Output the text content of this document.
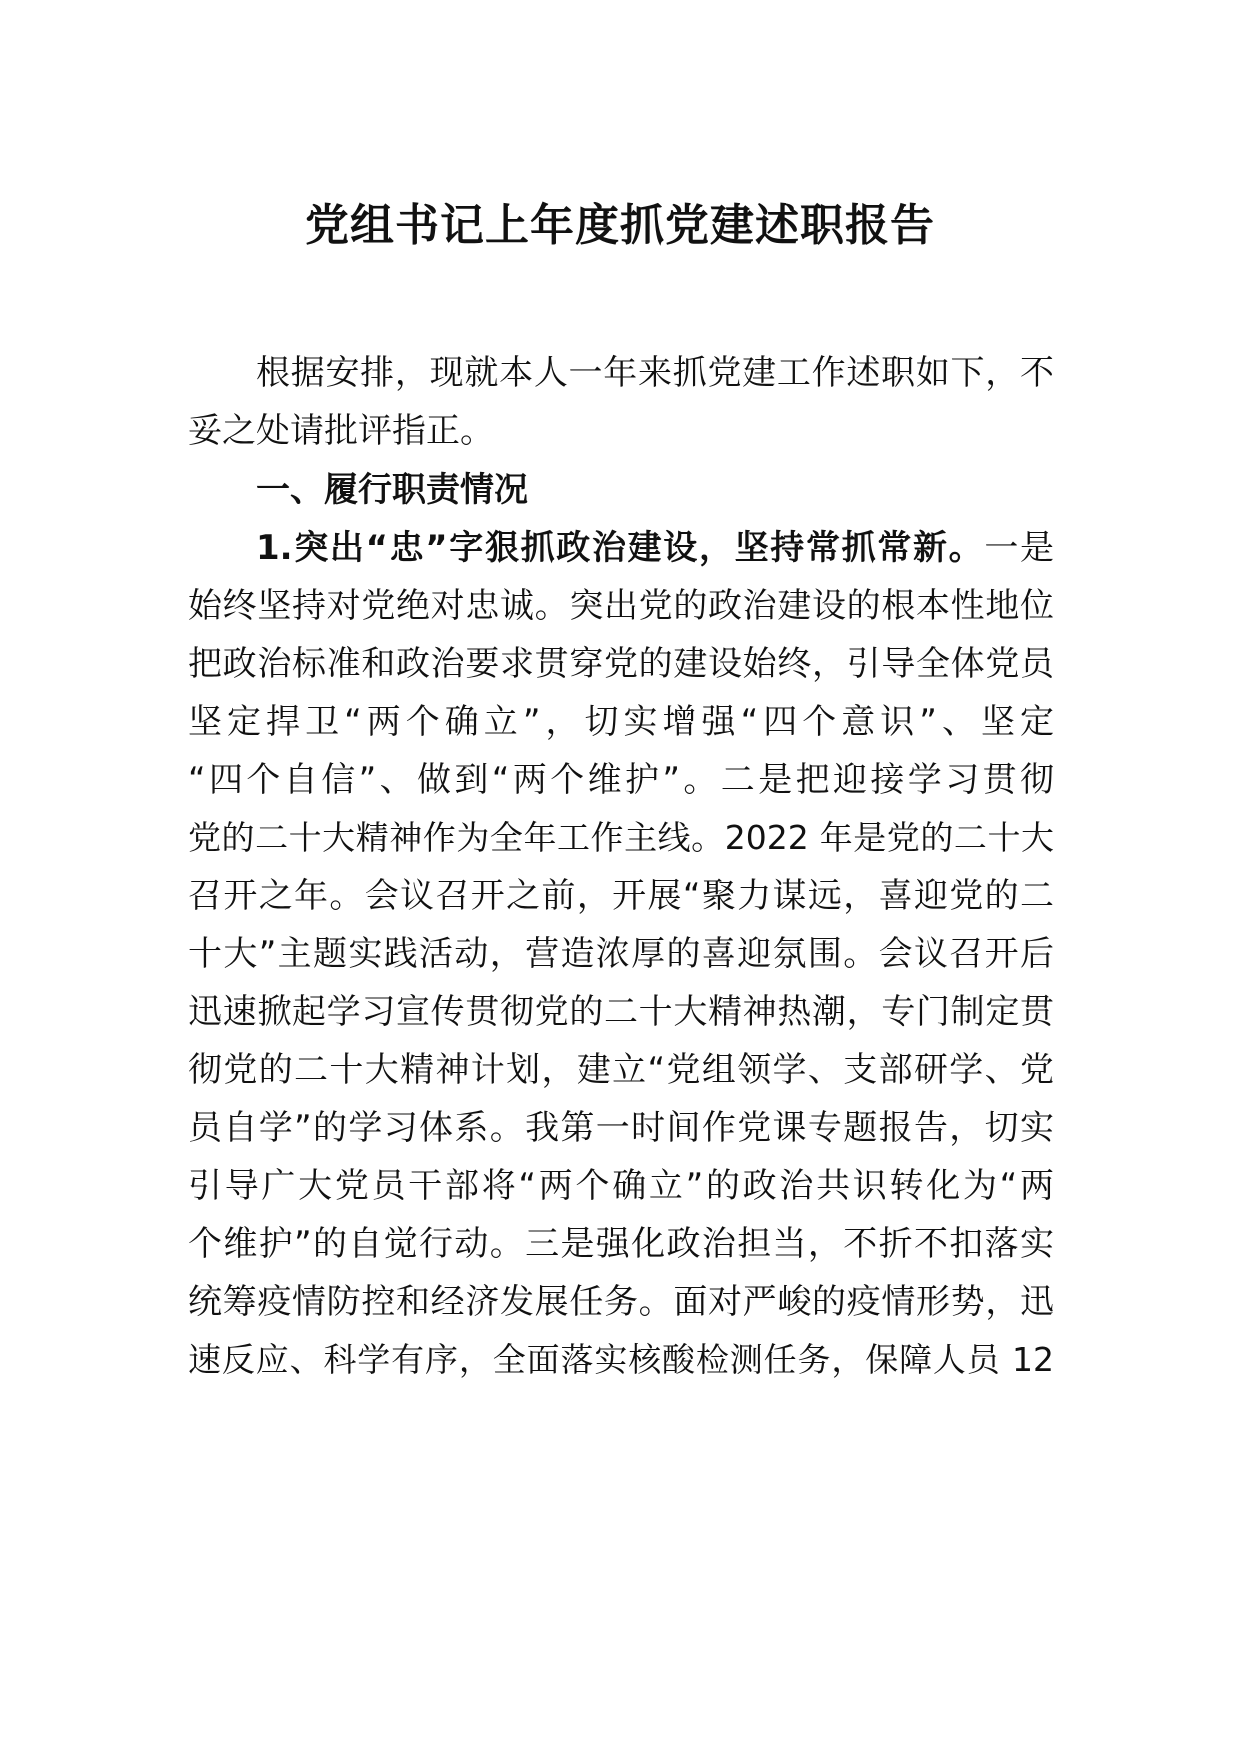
党组书记上年度抓党建述职报告
根据安排，现就本人一年来抓党建工作述职如下，不
妥之处请批评指正。
一、履行职责情况
1.突出“忠”字狠抓政治建设，坚持常抓常新。一是
始终坚持对党绝对忠诚。突出党的政治建设的根本性地位
把政治标准和政治要求贯穿党的建设始终，引导全体党员
坚定捍卫“两个确立”，切实增强“四个意识”、坚定
“四个自信”、做到“两个维护”。二是把迎接学习贯彻
党的二十大精神作为全年工作主线。2022 年是党的二十大
召开之年。会议召开之前，开展“聚力谋远，喜迎党的二
十大”主题实践活动，营造浓厚的喜迎氛围。会议召开后
迅速掀起学习宣传贯彻党的二十大精神热潮，专门制定贯
彻党的二十大精神计划，建立“党组领学、支部研学、党
员自学”的学习体系。我第一时间作党课专题报告，切实
引导广大党员干部将“两个确立”的政治共识转化为“两
个维护”的自觉行动。三是强化政治担当，不折不扣落实
统筹疫情防控和经济发展任务。面对严峻的疫情形势，迅
速反应、科学有序，全面落实核酸检测任务，保障人员 12
